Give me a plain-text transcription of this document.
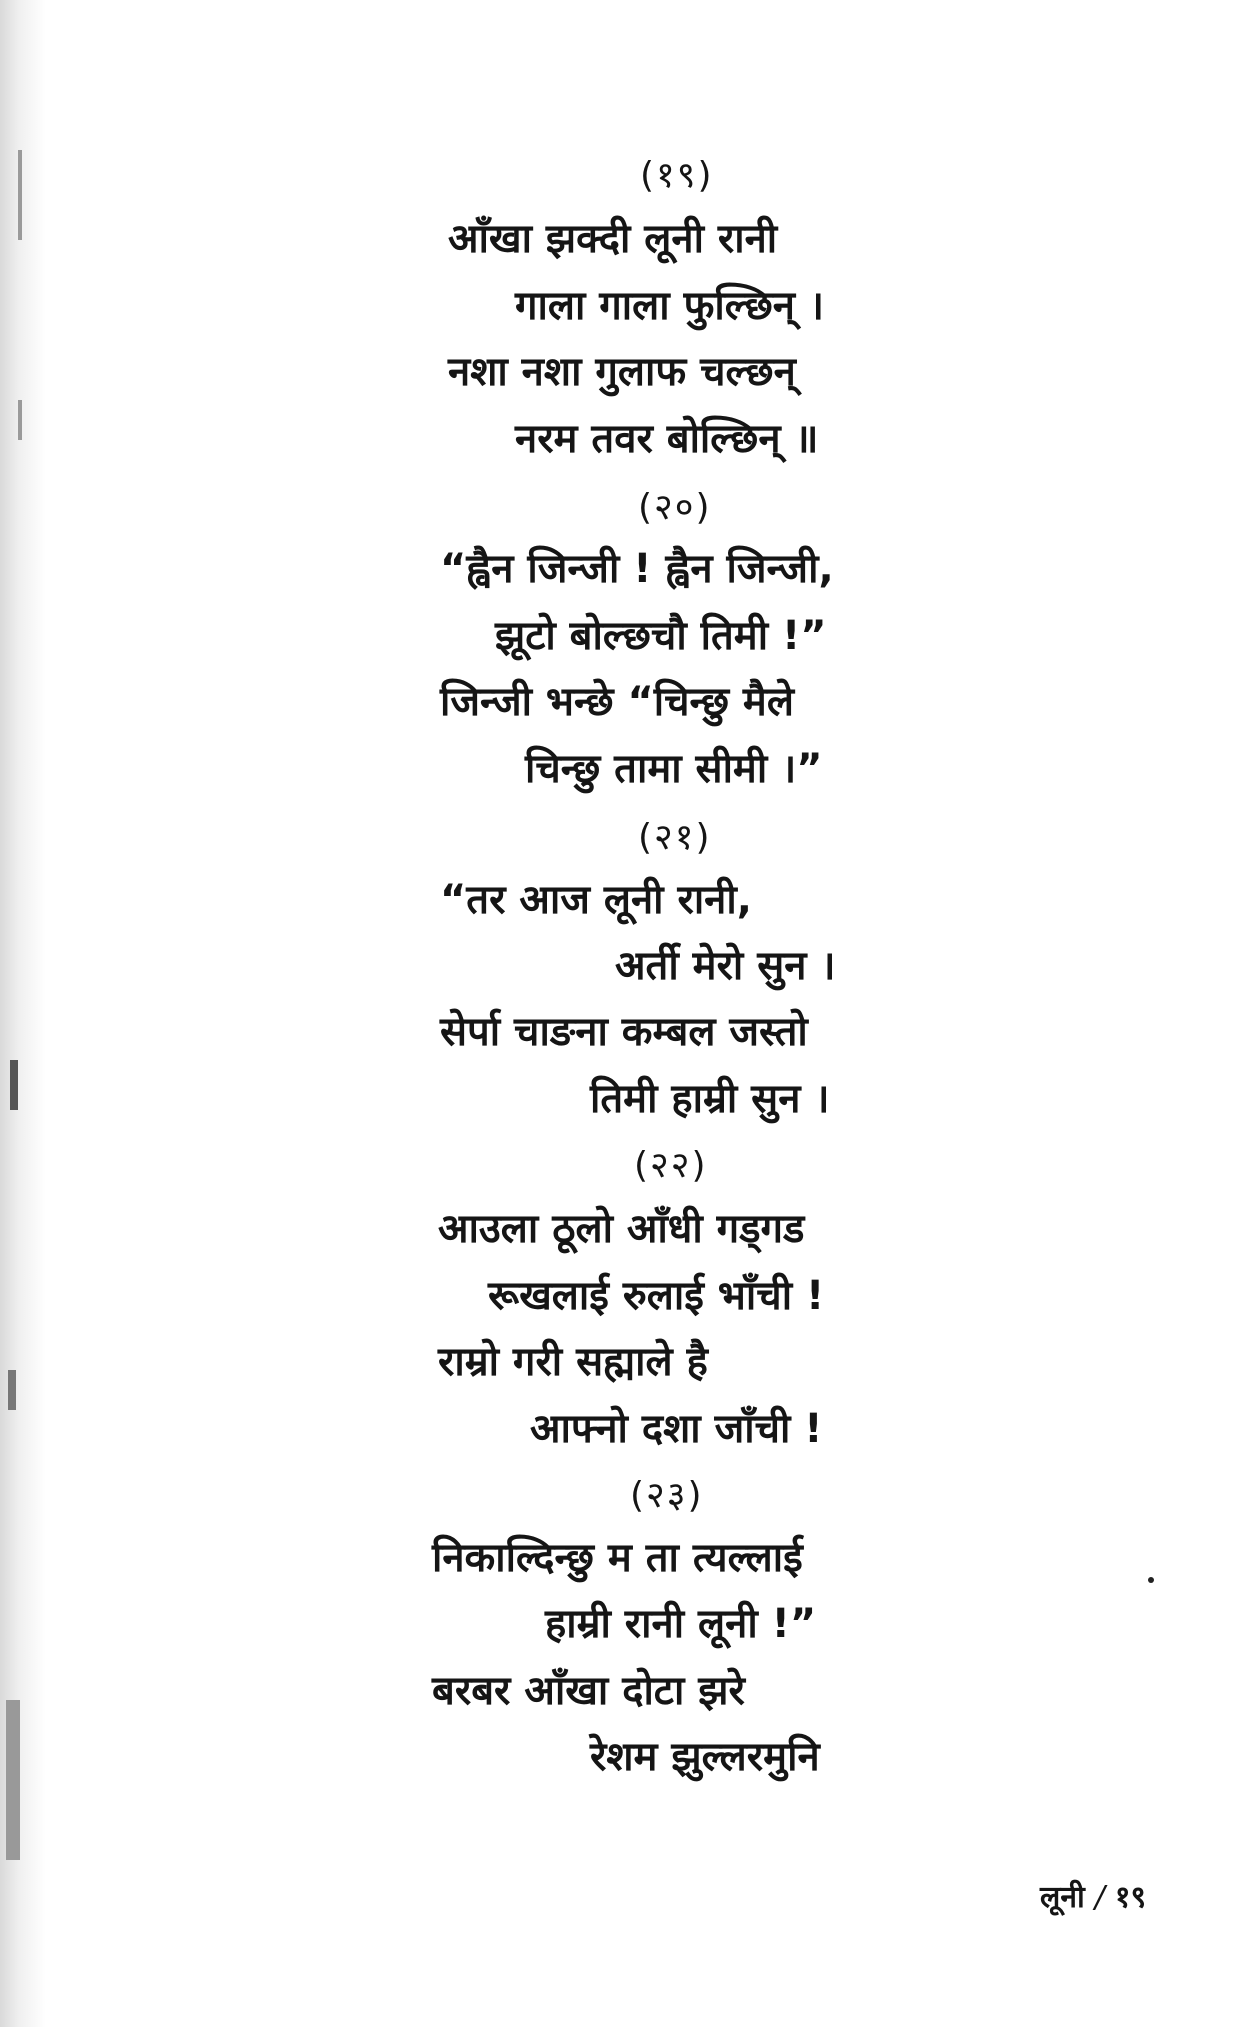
(१९)
आँखा झक्दी लूनी रानी
गाला गाला फुल्छिन् ।
नशा नशा गुलाफ चल्छन्
नरम तवर बोल्छिन् ॥
(२०)
“ह्वैन जिन्जी ! ह्वैन जिन्जी,
झूटो बोल्छचौ तिमी !”
जिन्जी भन्छे “चिन्छु मैले
चिन्छु तामा सीमी ।”
(२१)
“तर आज लूनी रानी,
अर्ती मेरो सुन ।
सेर्पा चाङना कम्बल जस्तो
तिमी हाम्री सुन ।
(२२)
आउला ठूलो आँधी गड्गड
रूखलाई रुलाई भाँची !
राम्रो गरी सह्माले है
आफ्नो दशा जाँची !
(२३)
निकाल्दिन्छु म ता त्यल्लाई
हाम्री रानी लूनी !”
बरबर आँखा दोटा झरे
रेशम झुल्लरमुनि
लूनी / १९
